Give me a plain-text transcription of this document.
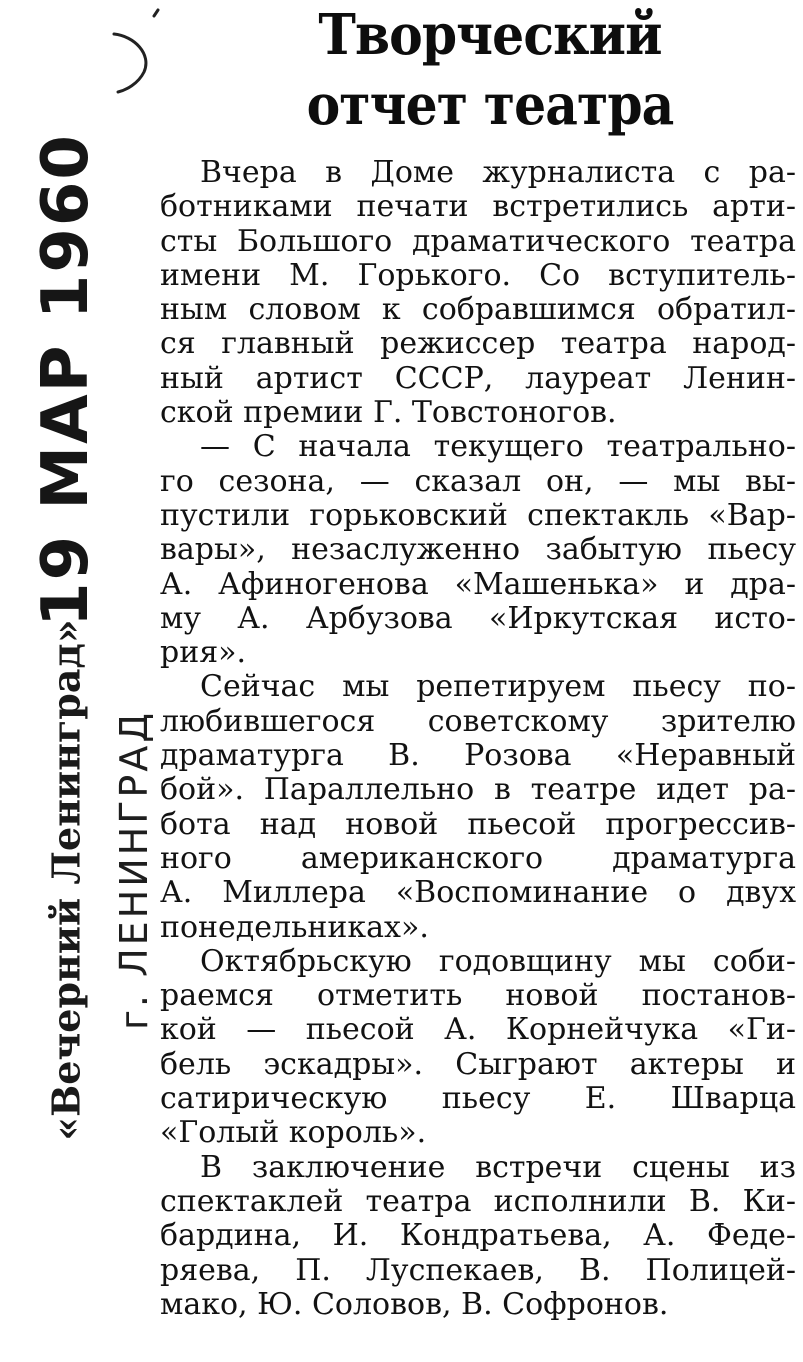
19 МАР 1960
«Вечерний Ленинград» г. ЛЕНИНГРАД
Творческий
отчет театра

Вчера в Доме журналиста с ра-
ботниками печати встретились арти-
сты Большого драматического театра
имени М. Горького. Со вступитель-
ным словом к собравшимся обратил-
ся главный режиссер театра народ-
ный артист СССР, лауреат Ленин-
ской премии Г. Товстоногов.

— С начала текущего театрально-
го сезона, — сказал он, — мы вы-
пустили горьковский спектакль «Вар-
вары», незаслуженно забытую пьесу
А. Афиногенова «Машенька» и дра-
му А. Арбузова «Иркутская исто-
рия».

Сейчас мы репетируем пьесу по-
любившегося советскому зрителю
драматурга В. Розова «Неравный
бой». Параллельно в театре идет ра-
бота над новой пьесой прогрессив-
ного американского драматурга
А. Миллера «Воспоминание о двух
понедельниках».

Октябрьскую годовщину мы соби-
раемся отметить новой постанов-
кой — пьесой А. Корнейчука «Ги-
бель эскадры». Сыграют актеры и
сатирическую пьесу Е. Шварца
«Голый король».

В заключение встречи сцены из
спектаклей театра исполнили В. Ки-
бардина, И. Кондратьева, А. Феде-
ряева, П. Луспекаев, В. Полицей-
мако, Ю. Соловов, В. Софронов.
